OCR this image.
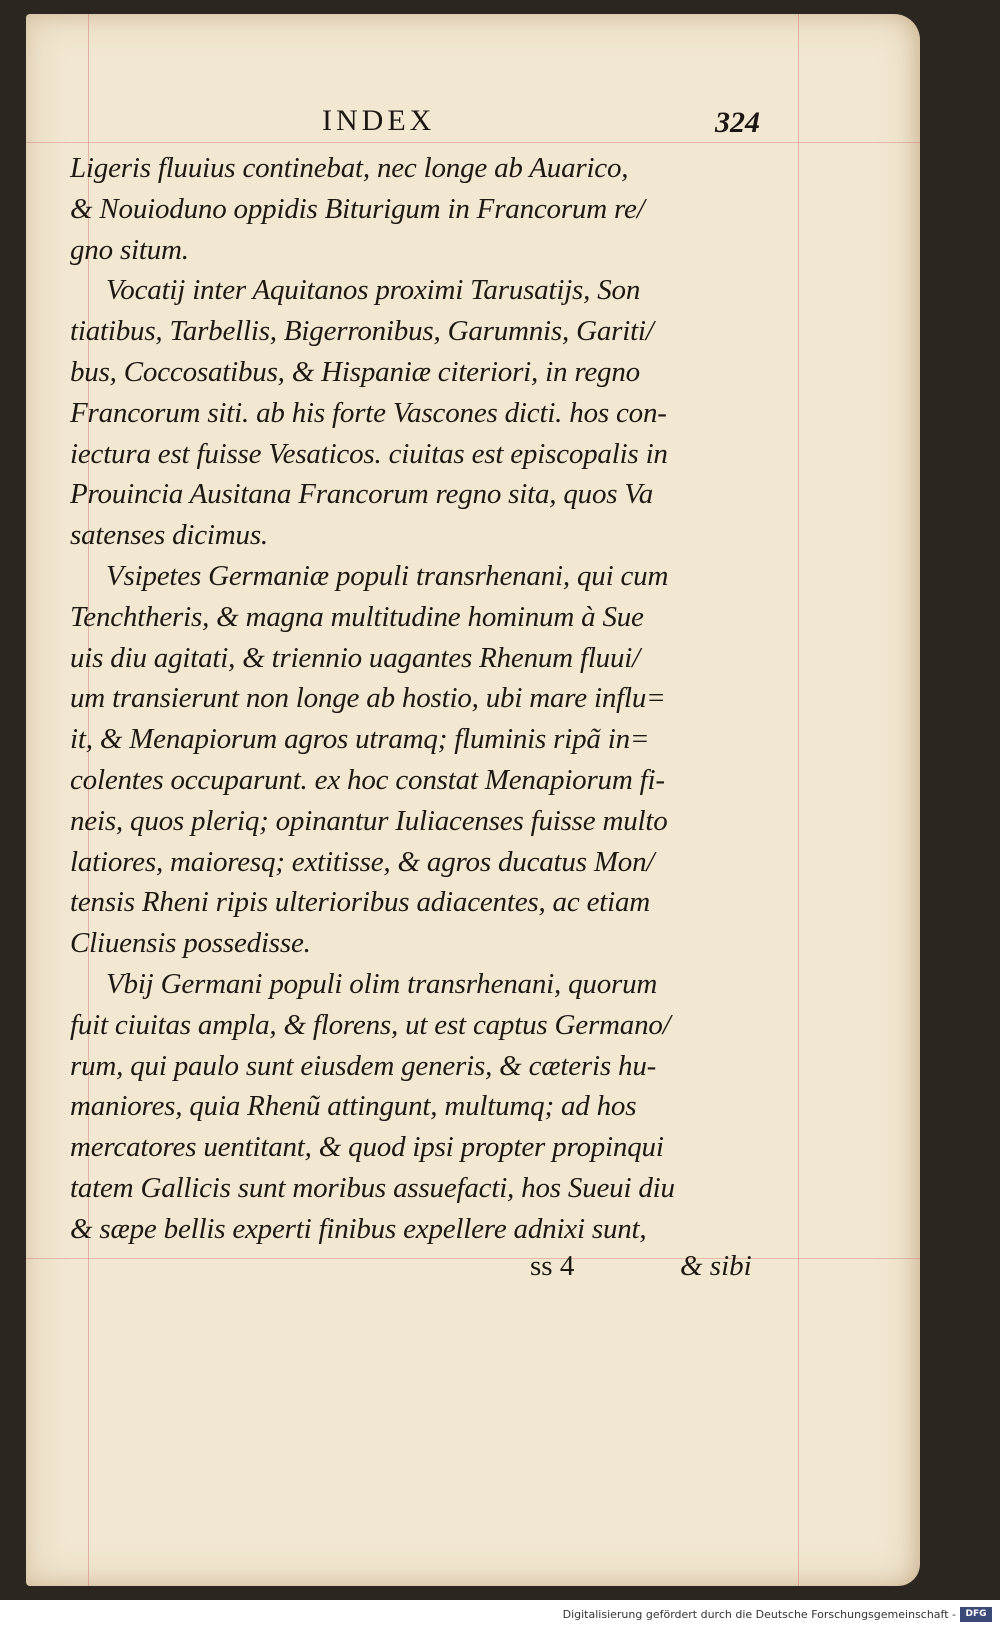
INDEX	324
Ligeris fluuius continebat, nec longe ab Auarico,
& Nouioduno oppidis Biturigum in Francorum re/
gno situm.
Vocatij inter Aquitanos proximi Tarusatijs, Son
tiatibus, Tarbellis, Bigerronibus, Garumnis, Gariti/
bus, Coccosatibus, & Hispaniæ citeriori, in regno
Francorum siti. ab his forte Vascones dicti. hos con-
iectura est fuisse Vesaticos. ciuitas est episcopalis in
Prouincia Ausitana Francorum regno sita, quos Va
satenses dicimus.
Vsipetes Germaniæ populi transrhenani, qui cum
Tenchtheris, & magna multitudine hominum à Sue
uis diu agitati, & triennio uagantes Rhenum fluui/
um transierunt non longe ab hostio, ubi mare influ=
it, & Menapiorum agros utramq; fluminis ripã in=
colentes occuparunt. ex hoc constat Menapiorum fi-
neis, quos pleriq; opinantur Iuliacenses fuisse multo
latiores, maioresq; extitisse, & agros ducatus Mon/
tensis Rheni ripis ulterioribus adiacentes, ac etiam
Cliuensis possedisse.
Vbij Germani populi olim transrhenani, quorum
fuit ciuitas ampla, & florens, ut est captus Germano/
rum, qui paulo sunt eiusdem generis, & cæteris hu-
maniores, quia Rhenũ attingunt, multumq; ad hos
mercatores uentitant, & quod ipsi propter propinqui
tatem Gallicis sunt moribus assuefacti, hos Sueui diu
& sæpe bellis experti finibus expellere adnixi sunt,
ss 4	& sibi
Digitalisierung gefördert durch die Deutsche Forschungsgemeinschaft -	DFG
